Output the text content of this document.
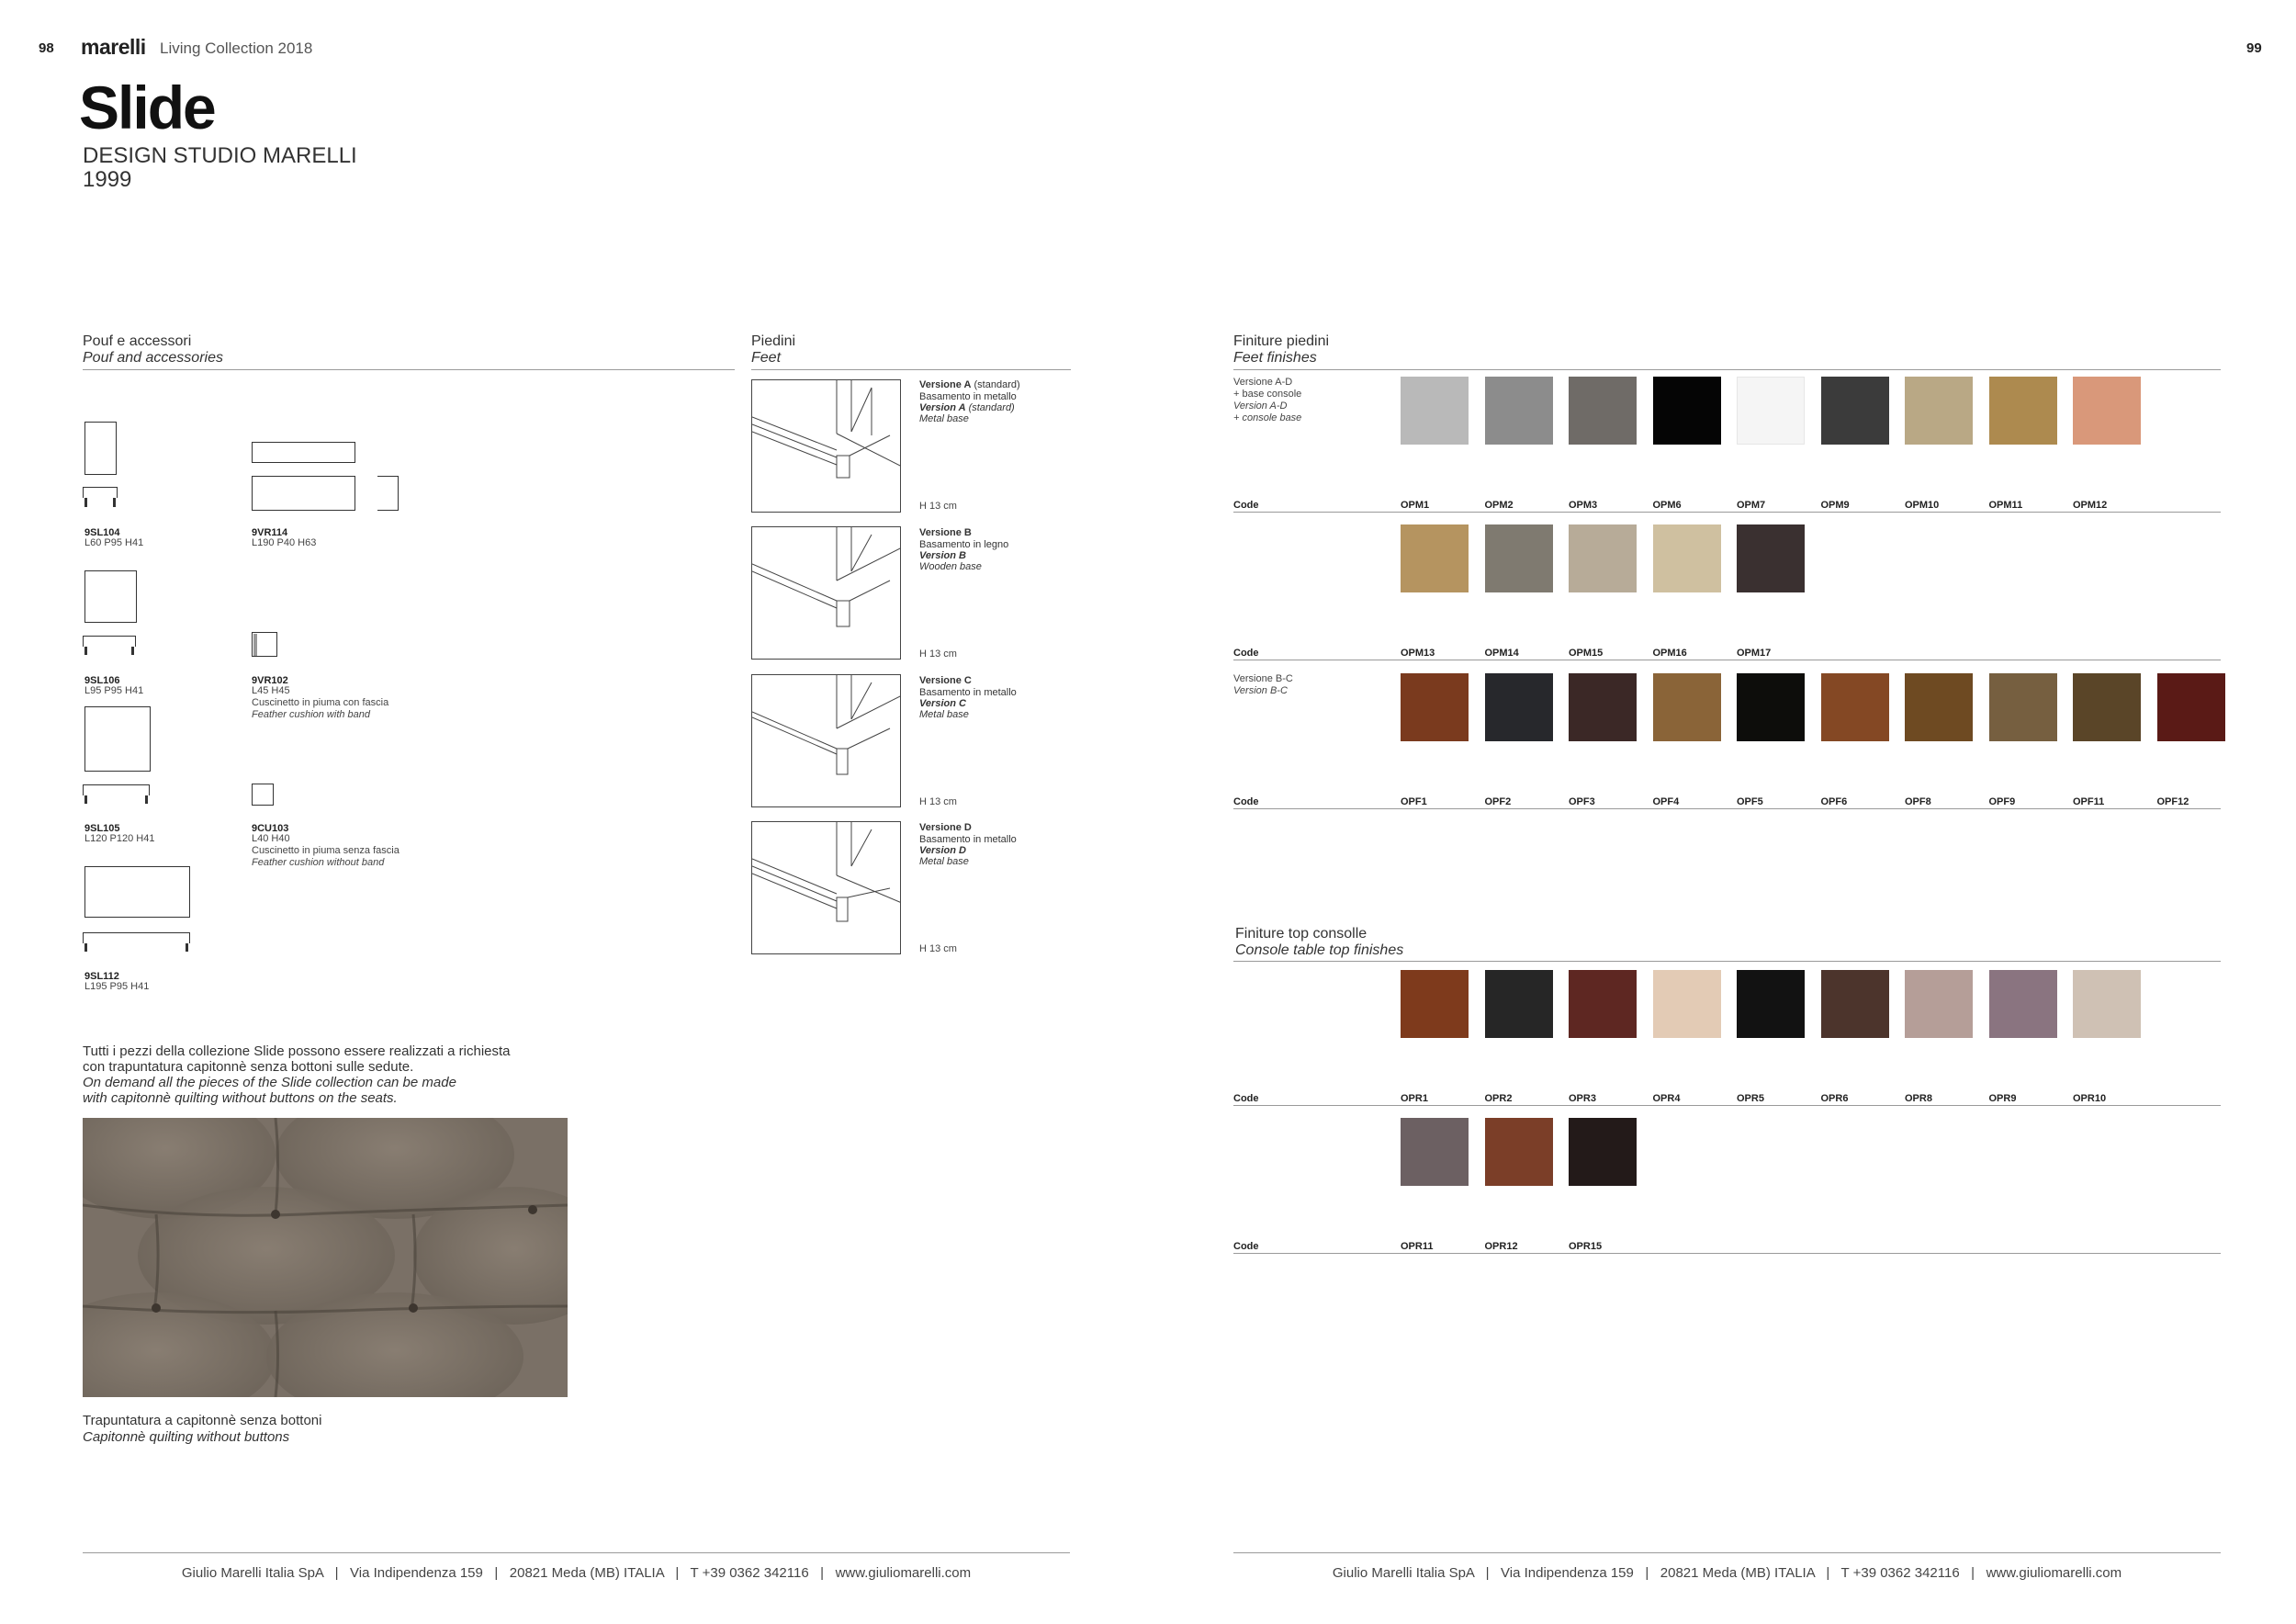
98 marelli Living Collection 2018	99
Slide
DESIGN STUDIO MARELLI
1999
Pouf e accessori
Pouf and accessories
9SL104
L60 P95 H41
9VR114
L190 P40 H63
9SL106
L95 P95 H41
9VR102
L45 H45
Cuscinetto in piuma con fascia
Feather cushion with band
9SL105
L120 P120 H41
9CU103
L40 H40
Cuscinetto in piuma senza fascia
Feather cushion without band
9SL112
L195 P95 H41
Piedini
Feet
Versione A (standard)
Basamento in metallo
Version A (standard)
Metal base
H 13 cm
Versione B
Basamento in legno
Version B
Wooden base
H 13 cm
Versione C
Basamento in metallo
Version C
Metal base
H 13 cm
Versione D
Basamento in metallo
Version D
Metal base
H 13 cm
Tutti i pezzi della collezione Slide possono essere realizzati a richiesta
con trapuntatura capitonnè senza bottoni sulle sedute.
On demand all the pieces of the Slide collection can be made
with capitonnè quilting without buttons on the seats.
Trapuntatura a capitonnè senza bottoni
Capitonnè quilting without buttons
Finiture piedini
Feet finishes
Versione A-D
+ base console
Version A-D
+ console base
OPM1	OPM2	OPM3	OPM6	OPM7	OPM9	OPM10	OPM11	OPM12
Code
OPM13	OPM14	OPM15	OPM16	OPM17
Code
Versione B-C
Version B-C
OPF1	OPF2	OPF3	OPF4	OPF5	OPF6	OPF8	OPF9	OPF11	OPF12
Code
Finiture top consolle
Console table top finishes
OPR1	OPR2	OPR3	OPR4	OPR5	OPR6	OPR8	OPR9	OPR10
Code
OPR11	OPR12	OPR15
Code
Giulio Marelli Italia SpA   |   Via Indipendenza 159   |   20821 Meda (MB) ITALIA   |   T +39 0362 342116   |   www.giuliomarelli.com	Giulio Marelli Italia SpA   |   Via Indipendenza 159   |   20821 Meda (MB) ITALIA   |   T +39 0362 342116   |   www.giuliomarelli.com
